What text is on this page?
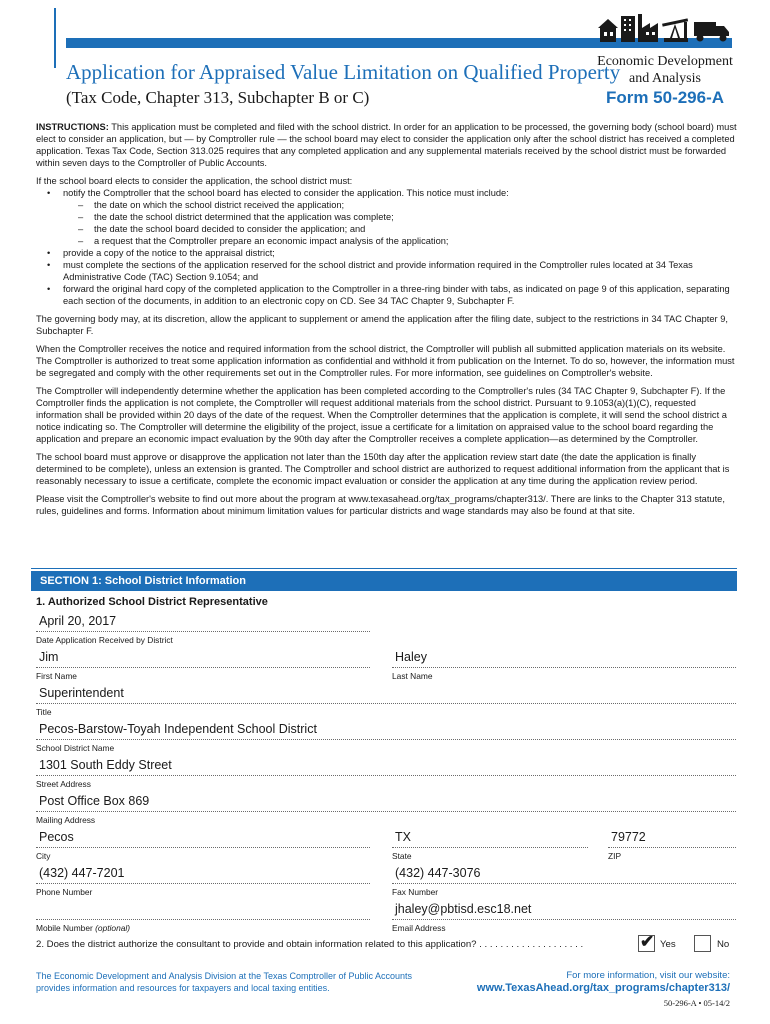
Application for Appraised Value Limitation on Qualified Property
(Tax Code, Chapter 313, Subchapter B or C)
Economic Development
and Analysis
Form 50-296-A

INSTRUCTIONS: This application must be completed and filed with the school district. In order for an application to be processed, the governing body (school board) must elect to consider an application, but — by Comptroller rule — the school board may elect to consider the application only after the school district has received a completed application. Texas Tax Code, Section 313.025 requires that any completed application and any supplemental materials received by the school district must be forwarded within seven days to the Comptroller of Public Accounts.

If the school board elects to consider the application, the school district must:

• notify the Comptroller that the school board has elected to consider the application. This notice must include:
– the date on which the school district received the application;
– the date the school district determined that the application was complete;
– the date the school board decided to consider the application; and
– a request that the Comptroller prepare an economic impact analysis of the application;
• provide a copy of the notice to the appraisal district;
• must complete the sections of the application reserved for the school district and provide information required in the Comptroller rules located at 34 Texas Administrative Code (TAC) Section 9.1054; and
• forward the original hard copy of the completed application to the Comptroller in a three-ring binder with tabs, as indicated on page 9 of this application, separating each section of the documents, in addition to an electronic copy on CD. See 34 TAC Chapter 9, Subchapter F.

The governing body may, at its discretion, allow the applicant to supplement or amend the application after the filing date, subject to the restrictions in 34 TAC Chapter 9, Subchapter F.

When the Comptroller receives the notice and required information from the school district, the Comptroller will publish all submitted application materials on its website. The Comptroller is authorized to treat some application information as confidential and withhold it from publication on the Internet. To do so, however, the information must be segregated and comply with the other requirements set out in the Comptroller rules. For more information, see guidelines on Comptroller's website.

The Comptroller will independently determine whether the application has been completed according to the Comptroller's rules (34 TAC Chapter 9, Subchapter F). If the Comptroller finds the application is not complete, the Comptroller will request additional materials from the school district. Pursuant to 9.1053(a)(1)(C), requested information shall be provided within 20 days of the date of the request. When the Comptroller determines that the application is complete, it will send the school district a notice indicating so. The Comptroller will determine the eligibility of the project, issue a certificate for a limitation on appraised value to the school board regarding the application and prepare an economic impact evaluation by the 90th day after the Comptroller receives a complete application—as determined by the Comptroller.

The school board must approve or disapprove the application not later than the 150th day after the application review start date (the date the application is finally determined to be complete), unless an extension is granted. The Comptroller and school district are authorized to request additional information from the applicant that is reasonably necessary to issue a certificate, complete the economic impact evaluation or consider the application at any time during the application review period.

Please visit the Comptroller's website to find out more about the program at www.texasahead.org/tax_programs/chapter313/. There are links to the Chapter 313 statute, rules, guidelines and forms. Information about minimum limitation values for particular districts and wage standards may also be found at that site.

SECTION 1: School District Information
1. Authorized School District Representative
April 20, 2017
Date Application Received by District
Jim
First Name
Haley
Last Name
Superintendent
Title
Pecos-Barstow-Toyah Independent School District
School District Name
1301 South Eddy Street
Street Address
Post Office Box 869
Mailing Address
Pecos
City
TX
State
79772
ZIP
(432) 447-7201
Phone Number
(432) 447-3076
Fax Number
Mobile Number (optional)
jhaley@pbtisd.esc18.net
Email Address
2. Does the district authorize the consultant to provide and obtain information related to this application? . . . . . . . . . . . . . . . . . . . .	✔ Yes	No
The Economic Development and Analysis Division at the Texas Comptroller of Public Accounts
provides information and resources for taxpayers and local taxing entities.
For more information, visit our website:
www.TexasAhead.org/tax_programs/chapter313/
50-296-A • 05-14/2
